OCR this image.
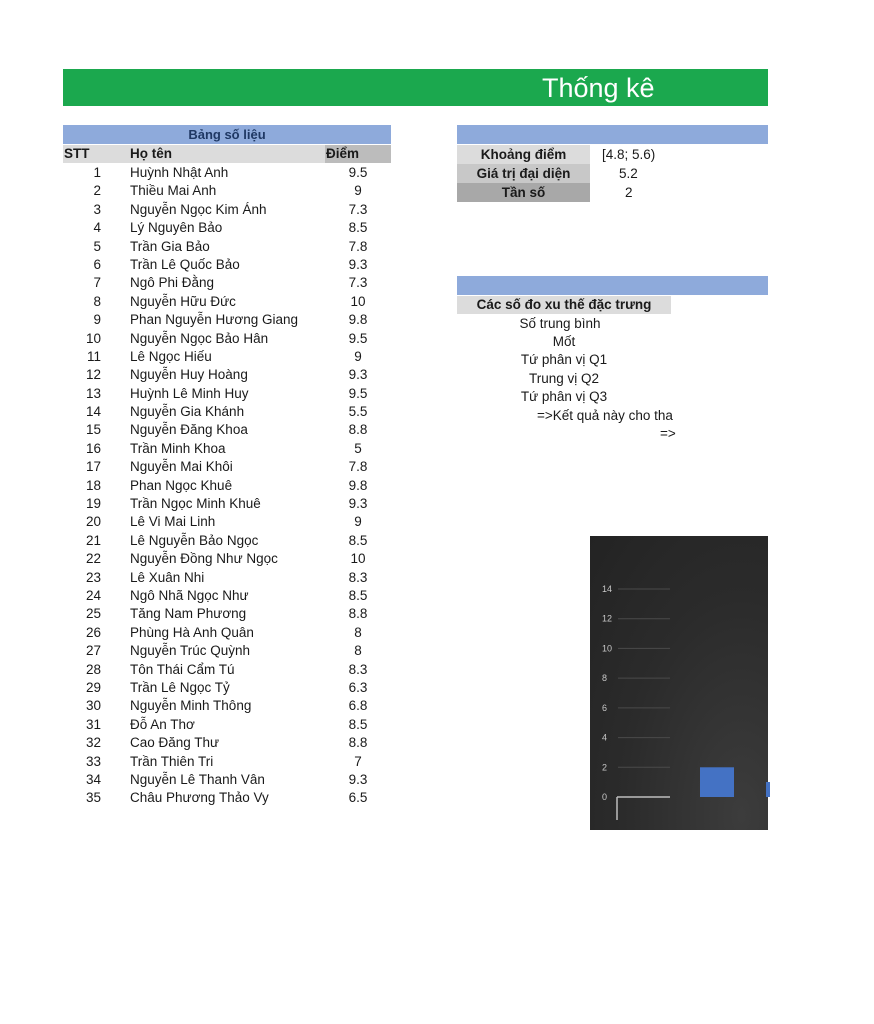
Thống kê
Bảng số liệu
STT	Họ tên	Điểm
1 Huỳnh Nhật Anh	9.5
2 Thiều Mai Anh	9
3 Nguyễn Ngọc Kim Ánh	7.3
4 Lý Nguyên Bảo	8.5
5 Trần Gia Bảo	7.8
6 Trần Lê Quốc Bảo	9.3
7 Ngô Phi Đằng	7.3
8 Nguyễn Hữu Đức	10
9 Phan Nguyễn Hương Giang	9.8
10 Nguyễn Ngọc Bảo Hân	9.5
11 Lê Ngọc Hiếu	9
12 Nguyễn Huy Hoàng	9.3
13 Huỳnh Lê Minh Huy	9.5
14 Nguyễn Gia Khánh	5.5
15 Nguyễn Đăng Khoa	8.8
16 Trần Minh Khoa	5
17 Nguyễn Mai Khôi	7.8
18 Phan Ngọc Khuê	9.8
19 Trần Ngọc Minh Khuê	9.3
20 Lê Vi Mai Linh	9
21 Lê Nguyễn Bảo Ngọc	8.5
22 Nguyễn Đồng Như Ngọc	10
23 Lê Xuân Nhi	8.3
24 Ngô Nhã Ngọc Như	8.5
25 Tăng Nam Phương	8.8
26 Phùng Hà Anh Quân	8
27 Nguyễn Trúc Quỳnh	8
28 Tôn Thái Cẩm Tú	8.3
29 Trần Lê Ngọc Tỷ	6.3
30 Nguyễn Minh Thông	6.8
31 Đỗ An Thơ	8.5
32 Cao Đăng Thư	8.8
33 Trần Thiên Tri	7
34 Nguyễn Lê Thanh Vân	9.3
35 Châu Phương Thảo Vy	6.5
Khoảng điểm	[4.8; 5.6)
Giá trị đại diện	5.2
Tần số	2
Các số đo xu thế đặc trưng
Số trung bình
Mốt
Tứ phân vị Q1
Trung vị Q2
Tứ phân vị Q3
=>Kết quả này cho tha
=>
0
2
4
6
8
10
12
14
